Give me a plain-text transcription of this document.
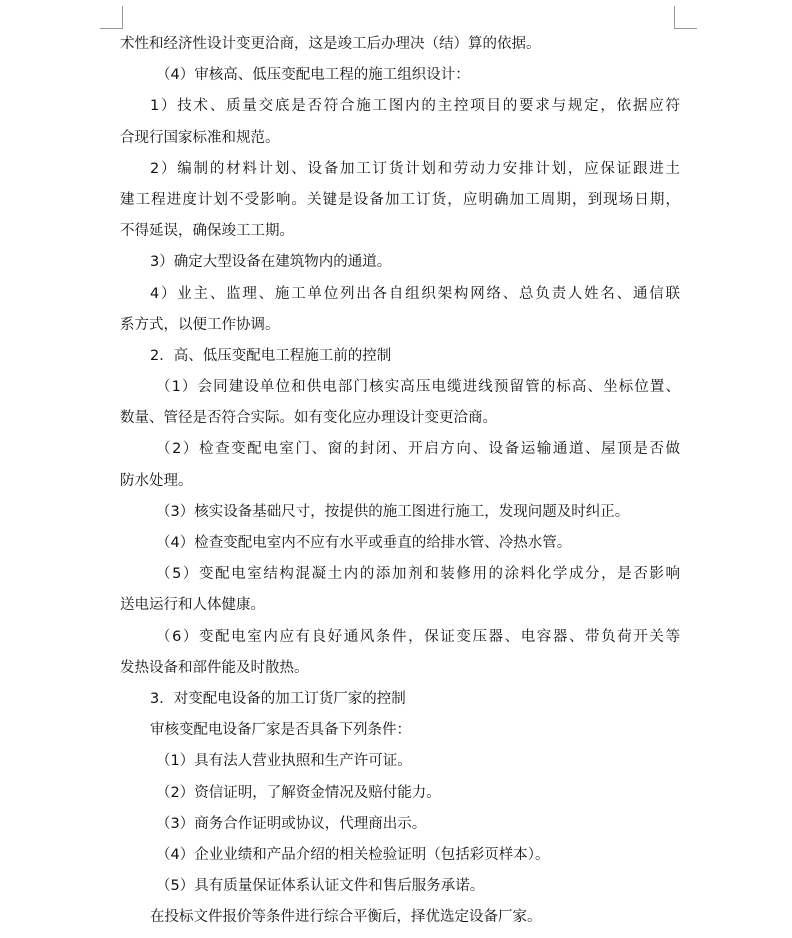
术性和经济性设计变更洽商，这是竣工后办理决（结）算的依据。
（4）审核高、低压变配电工程的施工组织设计：
1）技术、质量交底是否符合施工图内的主控项目的要求与规定，依据应符
合现行国家标准和规范。
2）编制的材料计划、设备加工订货计划和劳动力安排计划，应保证跟进土
建工程进度计划不受影响。关键是设备加工订货，应明确加工周期，到现场日期，
不得延误，确保竣工工期。
3）确定大型设备在建筑物内的通道。
4）业主、监理、施工单位列出各自组织架构网络、总负责人姓名、通信联
系方式，以便工作协调。
2．高、低压变配电工程施工前的控制
（1）会同建设单位和供电部门核实高压电缆进线预留管的标高、坐标位置、
数量、管径是否符合实际。如有变化应办理设计变更洽商。
（2）检查变配电室门、窗的封闭、开启方向、设备运输通道、屋顶是否做
防水处理。
（3）核实设备基础尺寸，按提供的施工图进行施工，发现问题及时纠正。
（4）检查变配电室内不应有水平或垂直的给排水管、冷热水管。
（5）变配电室结构混凝土内的添加剂和装修用的涂料化学成分，是否影响
送电运行和人体健康。
（6）变配电室内应有良好通风条件，保证变压器、电容器、带负荷开关等
发热设备和部件能及时散热。
3．对变配电设备的加工订货厂家的控制
审核变配电设备厂家是否具备下列条件：
（1）具有法人营业执照和生产许可证。
（2）资信证明，了解资金情况及赔付能力。
（3）商务合作证明或协议，代理商出示。
（4）企业业绩和产品介绍的相关检验证明（包括彩页样本）。
（5）具有质量保证体系认证文件和售后服务承诺。
在投标文件报价等条件进行综合平衡后，择优选定设备厂家。
